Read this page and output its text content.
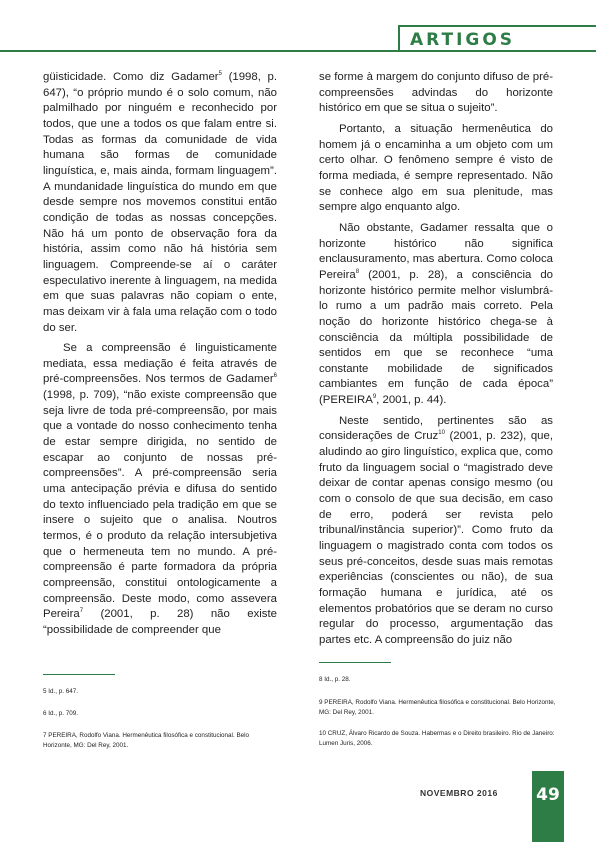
ARTIGOS

güisticidade. Como diz Gadamer$^5$ (1998, p. 647), “o próprio mundo é o solo comum, não palmilhado por ninguém e reconhecido por todos, que une a todos os que falam entre si. Todas as formas da comunidade de vida humana são formas de comunidade linguística, e, mais ainda, formam linguagem”. A mundanidade linguística do mundo em que desde sempre nos movemos constitui então condição de todas as nossas concepções. Não há um ponto de observação fora da história, assim como não há história sem linguagem. Compreende-se aí o caráter especulativo inerente à linguagem, na medida em que suas palavras não copiam o ente, mas deixam vir à fala uma relação com o todo do ser.

Se a compreensão é linguisticamente mediata, essa mediação é feita através de pré-compreensões. Nos termos de Gadamer$^6$ (1998, p. 709), “não existe compreensão que seja livre de toda pré-compreensão, por mais que a vontade do nosso conhecimento tenha de estar sempre dirigida, no sentido de escapar ao conjunto de nossas pré-compreensões”. A pré-compreensão seria uma antecipação prévia e difusa do sentido do texto influenciado pela tradição em que se insere o sujeito que o analisa. Noutros termos, é o produto da relação intersubjetiva que o hermeneuta tem no mundo. A pré-compreensão é parte formadora da própria compreensão, constitui ontologicamente a compreensão. Deste modo, como assevera Pereira$^7$ (2001, p. 28) não existe “possibilidade de compreender que

se forme à margem do conjunto difuso de pré-compreensões advindas do horizonte histórico em que se situa o sujeito”.

Portanto, a situação hermenêutica do homem já o encaminha a um objeto com um certo olhar. O fenômeno sempre é visto de forma mediada, é sempre representado. Não se conhece algo em sua plenitude, mas sempre algo enquanto algo.

Não obstante, Gadamer ressalta que o horizonte histórico não significa enclausuramento, mas abertura. Como coloca Pereira$^8$ (2001, p. 28), a consciência do horizonte histórico permite melhor vislumbrá-lo rumo a um padrão mais correto. Pela noção do horizonte histórico chega-se à consciência da múltipla possibilidade de sentidos em que se reconhece “uma constante mobilidade de significados cambiantes em função de cada época” (PEREIRA$^9$, 2001, p. 44).

Neste sentido, pertinentes são as considerações de Cruz$^{10}$ (2001, p. 232), que, aludindo ao giro linguístico, explica que, como fruto da linguagem social o “magistrado deve deixar de contar apenas consigo mesmo (ou com o consolo de que sua decisão, em caso de erro, poderá ser revista pelo tribunal/instância superior)”. Como fruto da linguagem o magistrado conta com todos os seus pré-conceitos, desde suas mais remotas experiências (conscientes ou não), de sua formação humana e jurídica, até os elementos probatórios que se deram no curso regular do processo, argumentação das partes etc. A compreensão do juiz não

5 Id., p. 647.
6 Id., p. 709.
7 PEREIRA, Rodolfo Viana. Hermenêutica filosófica e constitucional. Belo Horizonte, MG: Del Rey, 2001.
8 Id., p. 28.
9 PEREIRA, Rodolfo Viana. Hermenêutica filosófica e constitucional. Belo Horizonte, MG: Del Rey, 2001.
10 CRUZ, Álvaro Ricardo de Souza. Habermas e o Direito brasileiro. Rio de Janeiro: Lumen Juris, 2006.
NOVEMBRO 2016 49
